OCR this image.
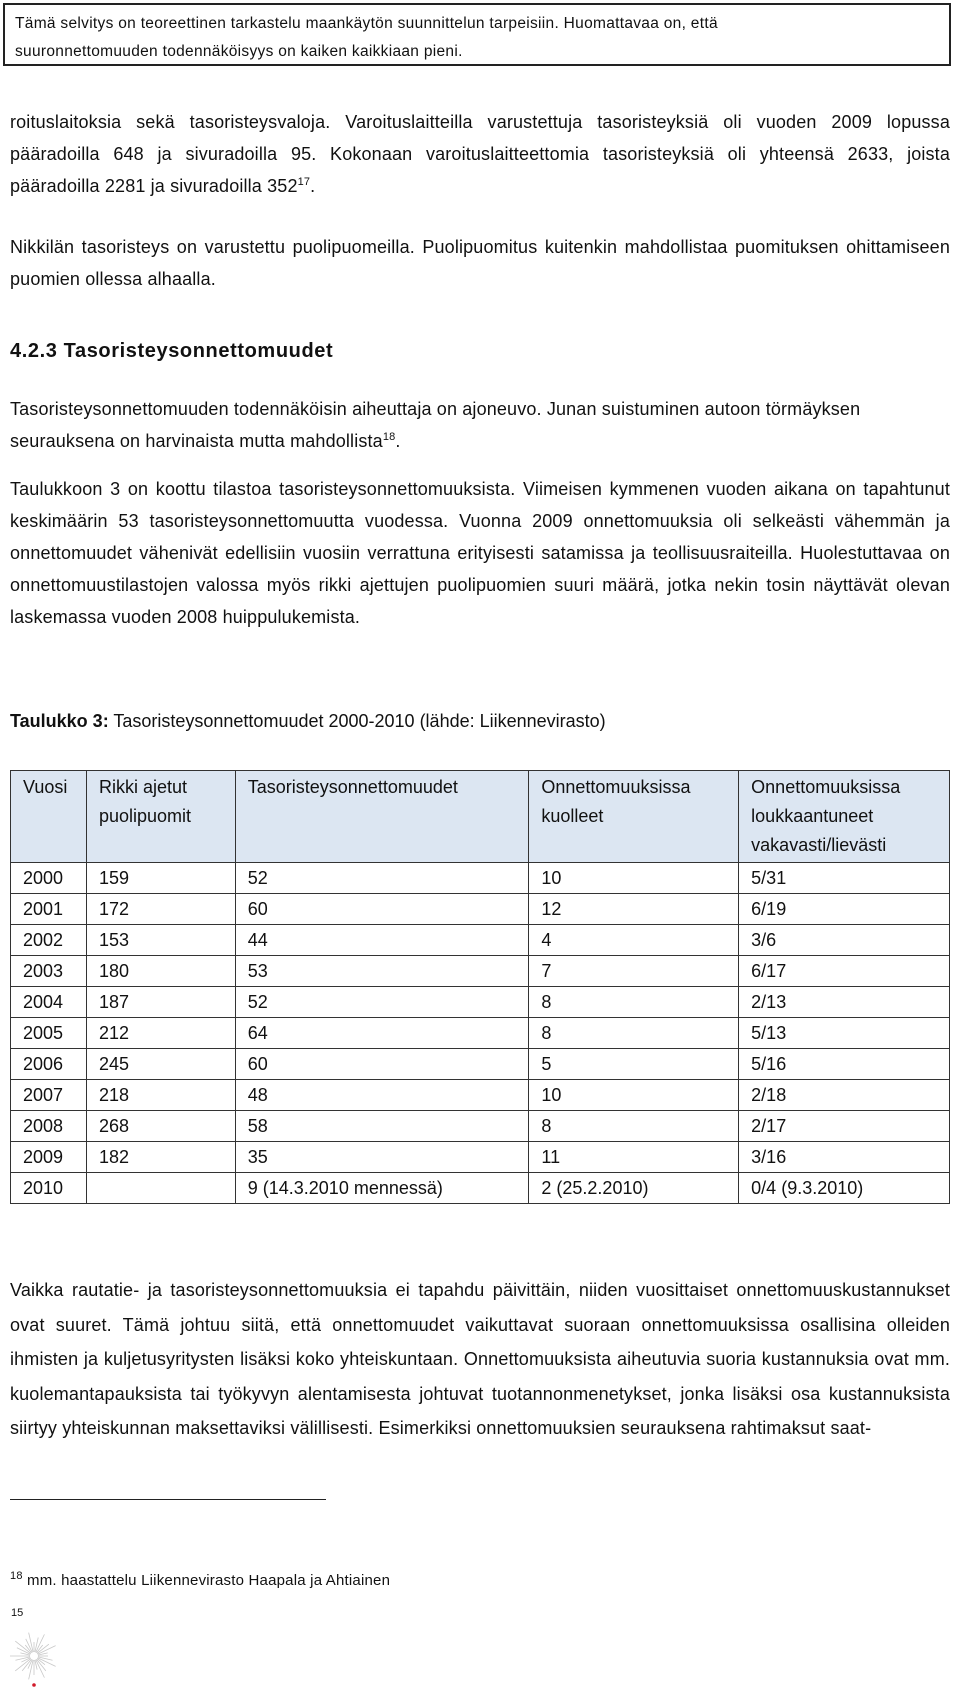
Tämä selvitys on teoreettinen tarkastelu maankäytön suunnittelun tarpeisiin. Huomattavaa on, että
suuronnettomuuden todennäköisyys on kaiken kaikkiaan pieni.

roituslaitoksia sekä tasoristeysvaloja. Varoituslaitteilla varustettuja tasoristeyksiä oli vuoden 2009 lopussa pääradoilla 648 ja sivuradoilla 95. Kokonaan varoituslaitteettomia tasoristeyksiä oli yhteensä 2633, joista pääradoilla 2281 ja sivuradoilla $352^{17}$.

Nikkilän tasoristeys on varustettu puolipuomeilla. Puolipuomitus kuitenkin mahdollistaa puomituksen ohittamiseen puomien ollessa alhaalla.

4.2.3 Tasoristeysonnettomuudet

Tasoristeysonnettomuuden todennäköisin aiheuttaja on ajoneuvo. Junan suistuminen autoon törmäyksen seurauksena on harvinaista mutta mahdollista$^{18}$.

Taulukkoon 3 on koottu tilastoa tasoristeysonnettomuuksista. Viimeisen kymmenen vuoden aikana on tapahtunut keskimäärin 53 tasoristeysonnettomuutta vuodessa. Vuonna 2009 onnettomuuksia oli selkeästi vähemmän ja onnettomuudet vähenivät edellisiin vuosiin verrattuna erityisesti satamissa ja teollisuusraiteilla. Huolestuttavaa on onnettomuustilastojen valossa myös rikki ajettujen puolipuomien suuri määrä, jotka nekin tosin näyttävät olevan laskemassa vuoden 2008 huippulukemista.

Taulukko 3: Tasoristeysonnettomuudet 2000-2010 (lähde: Liikennevirasto)
Vuosi	Rikki ajetut puolipuomit	Tasoristeysonnettomuudet	Onnettomuuksissa kuolleet	Onnettomuuksissa loukkaantuneet vakavasti/lievästi
2000	159	52	10	5/31
2001	172	60	12	6/19
2002	153	44	4	3/6
2003	180	53	7	6/17
2004	187	52	8	2/13
2005	212	64	8	5/13
2006	245	60	5	5/16
2007	218	48	10	2/18
2008	268	58	8	2/17
2009	182	35	11	3/16
2010		9 (14.3.2010 mennessä)	2 (25.2.2010)	0/4 (9.3.2010)

Vaikka rautatie- ja tasoristeysonnettomuuksia ei tapahdu päivittäin, niiden vuosittaiset onnettomuuskustannukset ovat suuret. Tämä johtuu siitä, että onnettomuudet vaikuttavat suoraan onnettomuuksissa osallisina olleiden ihmisten ja kuljetusyritysten lisäksi koko yhteiskuntaan. Onnettomuuksista aiheutuvia suoria kustannuksia ovat mm. kuolemantapauksista tai työkyvyn alentamisesta johtuvat tuotannonmenetykset, jonka lisäksi osa kustannuksista siirtyy yhteiskunnan maksettaviksi välillisesti. Esimerkiksi onnettomuuksien seurauksena rahtimaksut saat-

$^{18}$ mm. haastattelu Liikennevirasto Haapala ja Ahtiainen
15
